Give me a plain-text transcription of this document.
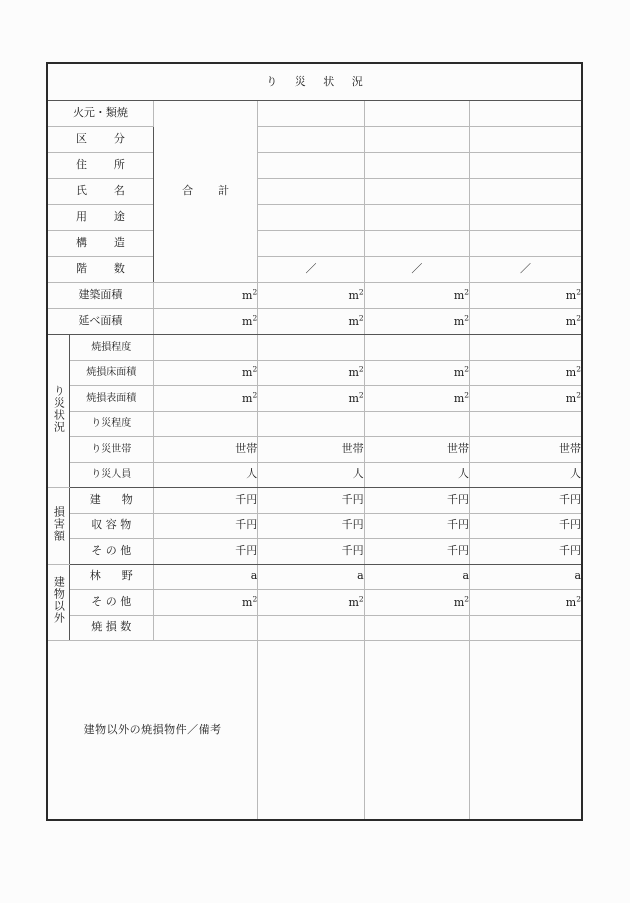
り 災 状 況					
火元・類焼		合　計			
区　分					
住　所					
氏　名					
用　途					
構　造					
階　数			／	／	／
建築面積		$m^2$	$m^2$	$m^2$	$m^2$
延べ面積		$m^2$	$m^2$	$m^2$	$m^2$
り災状況	焼損程度				
	焼損床面積	$m^2$	$m^2$	$m^2$	$m^2$
	焼損表面積	$m^2$	$m^2$	$m^2$	$m^2$
	り災程度				
	り災世帯	世帯	世帯	世帯	世帯
	り災人員	人	人	人	人
損害額	建　物	千円	千円	千円	千円
	収 容 物	千円	千円	千円	千円
	そ の 他	千円	千円	千円	千円
建物以外	林　野	a	a	a	a
	そ の 他	$m^2$	$m^2$	$m^2$	$m^2$
	焼 損 数				
建物以外の焼損物件／備考					
